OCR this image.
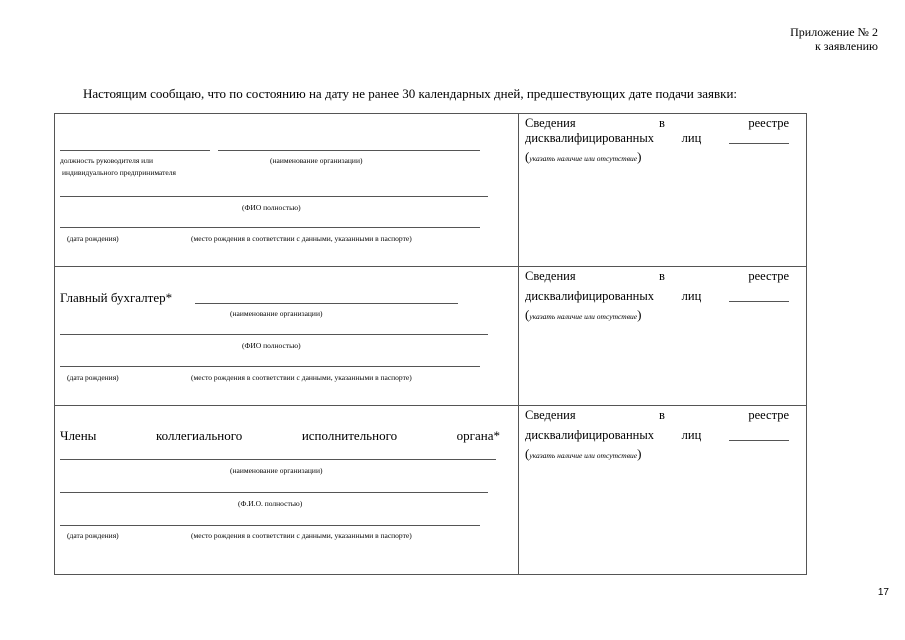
Приложение № 2
к заявлению
Настоящим сообщаю, что по состоянию на дату не ранее 30 календарных дней, предшествующих дате подачи заявки:
должность руководителя или	(наименование организации)
индивидуального предпринимателя
(ФИО полностью)
(дата рождения)	(место рождения в соответствии с данными, указанными в паспорте)
Сведения	в	реестре
дисквалифицированных лиц
(указать наличие или отсутствие)
Главный бухгалтер*
(наименование организации)
(ФИО полностью)
(дата рождения)	(место рождения в соответствии с данными, указанными в паспорте)
Сведения	в	реестре
дисквалифицированных лиц
(указать наличие или отсутствие)
Члены	коллегиального	исполнительного	органа*
(наименование организации)
(Ф.И.О. полностью)
(дата рождения)	(место рождения в соответствии с данными, указанными в паспорте)
Сведения	в	реестре
дисквалифицированных лиц
(указать наличие или отсутствие)
17
